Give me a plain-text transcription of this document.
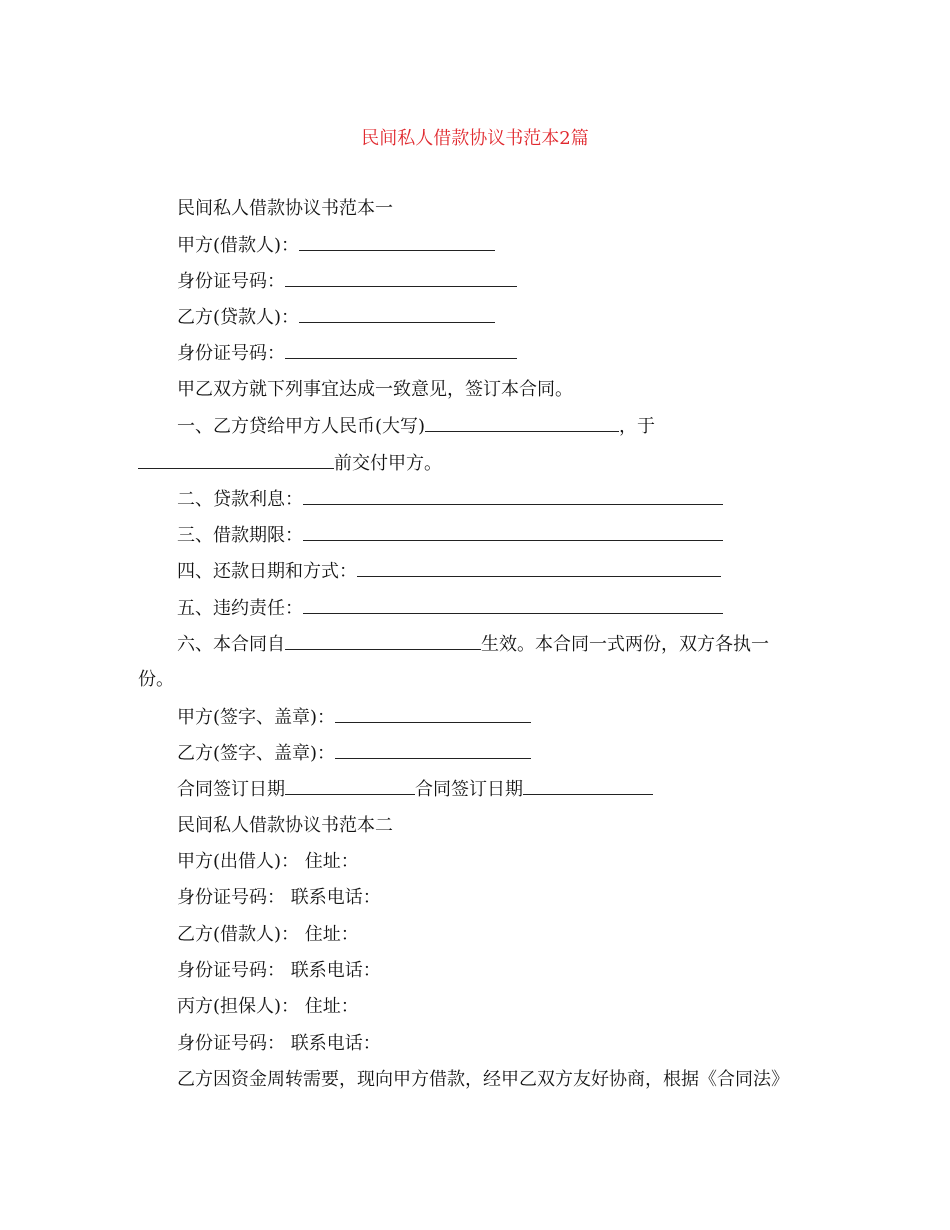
民间私人借款协议书范本2篇
民间私人借款协议书范本一
甲方(借款人)：
身份证号码：
乙方(贷款人)：
身份证号码：
甲乙双方就下列事宜达成一致意见，签订本合同。
一、乙方贷给甲方人民币(大写)	，于
前交付甲方。
二、贷款利息：
三、借款期限：
四、还款日期和方式：
五、违约责任：
六、本合同自	生效。本合同一式两份，双方各执一
份。
甲方(签字、盖章)：
乙方(签字、盖章)：
合同签订日期	合同签订日期
民间私人借款协议书范本二
甲方(出借人)： 住址：
身份证号码： 联系电话：
乙方(借款人)： 住址：
身份证号码： 联系电话：
丙方(担保人)： 住址：
身份证号码： 联系电话：
乙方因资金周转需要，现向甲方借款，经甲乙双方友好协商，根据《合同法》
